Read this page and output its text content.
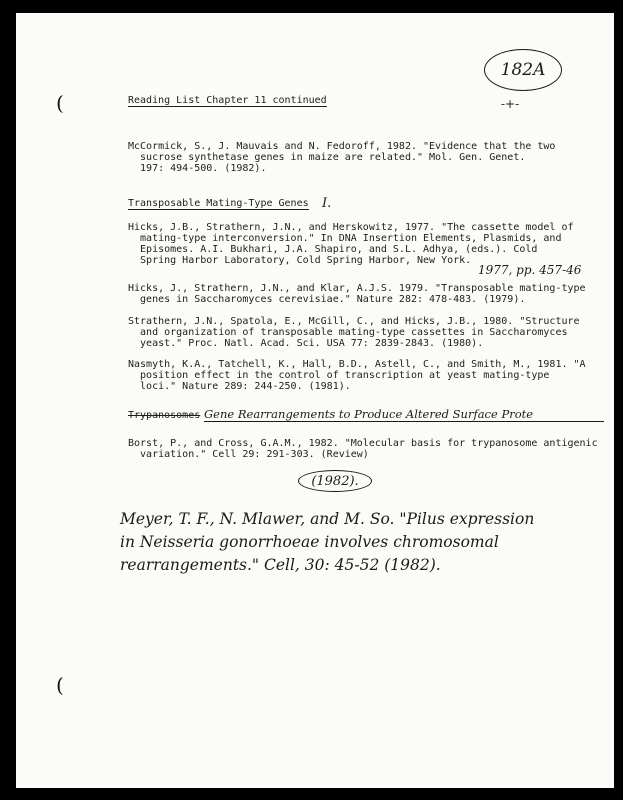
182A
(
(
Reading List Chapter 11 continued	-+-
McCormick, S., J. Mauvais and N. Fedoroff, 1982. "Evidence that the two
sucrose synthetase genes in maize are related." Mol. Gen. Genet.
197: 494-500. (1982).
Transposable Mating-Type Genes I.
Hicks, J.B., Strathern, J.N., and Herskowitz, 1977. "The cassette model of
mating-type interconversion." In DNA Insertion Elements, Plasmids, and
Episomes. A.I. Bukhari, J.A. Shapiro, and S.L. Adhya, (eds.). Cold
Spring Harbor Laboratory, Cold Spring Harbor, New York.
1977, pp. 457-46
Hicks, J., Strathern, J.N., and Klar, A.J.S. 1979. "Transposable mating-type
genes in Saccharomyces cerevisiae." Nature 282: 478-483. (1979).
Strathern, J.N., Spatola, E., McGill, C., and Hicks, J.B., 1980. "Structure
and organization of transposable mating-type cassettes in Saccharomyces
yeast." Proc. Natl. Acad. Sci. USA 77: 2839-2843. (1980).
Nasmyth, K.A., Tatchell, K., Hall, B.D., Astell, C., and Smith, M., 1981. "A
position effect in the control of transcription at yeast mating-type
loci." Nature 289: 244-250. (1981).
Trypanosomes Gene Rearrangements to Produce Altered Surface Prote
Borst, P., and Cross, G.A.M., 1982. "Molecular basis for trypanosome antigenic
variation." Cell 29: 291-303. (Review)
(1982).
Meyer, T. F., N. Mlawer, and M. So. "Pilus expression
in Neisseria gonorrhoeae involves chromosomal
rearrangements." Cell, 30: 45-52 (1982).
